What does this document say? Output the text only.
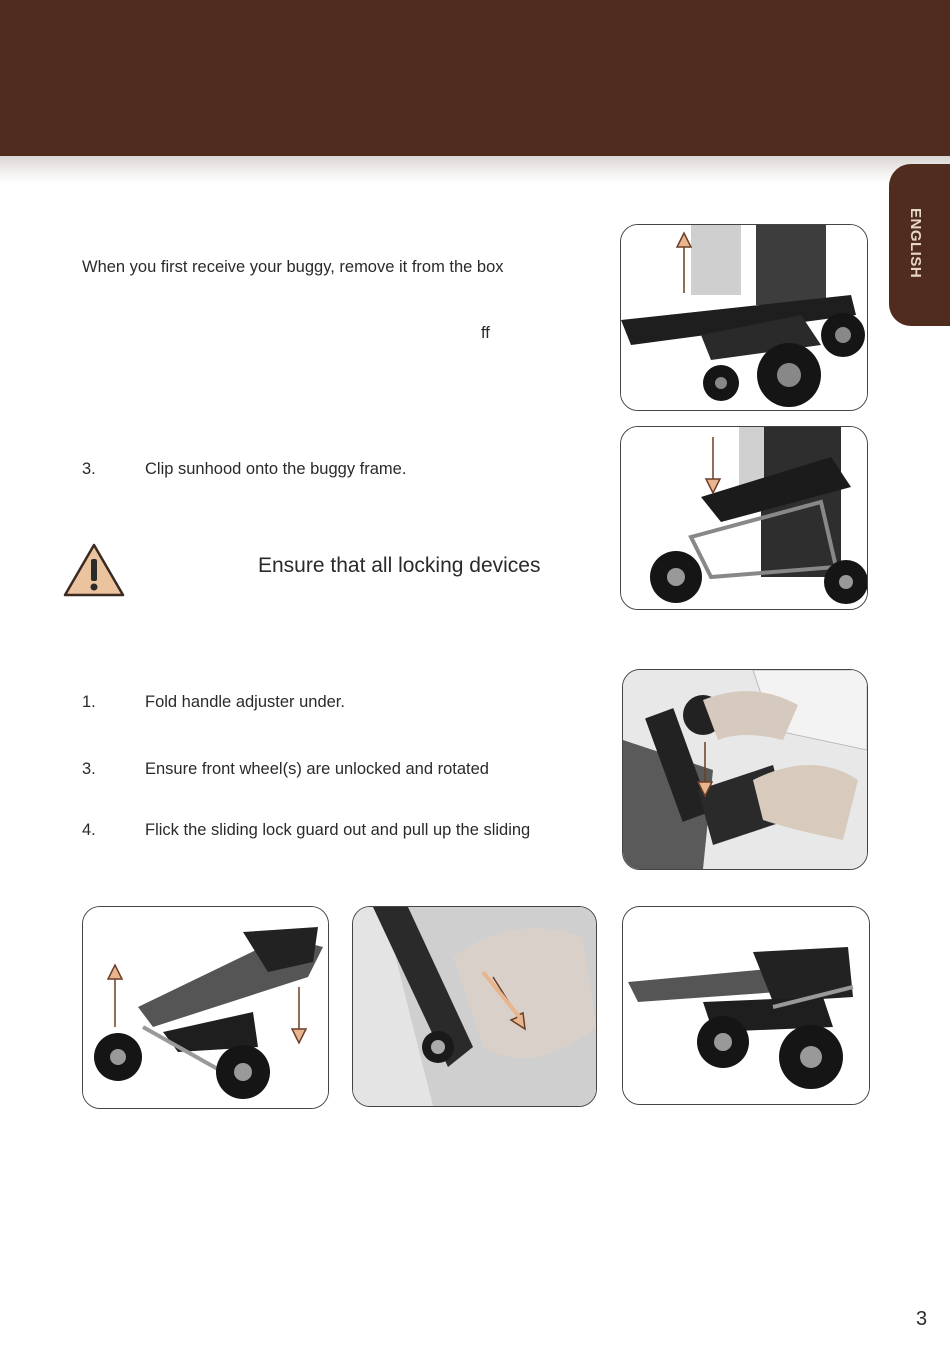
ENGLISH
When you first receive your buggy, remove it from the box
ff
3.	Clip sunhood onto the buggy frame.
Ensure that all locking devices
1.	Fold handle adjuster under.
3.	Ensure front wheel(s) are unlocked and rotated
4.	Flick the sliding lock guard out and pull up the sliding
3
